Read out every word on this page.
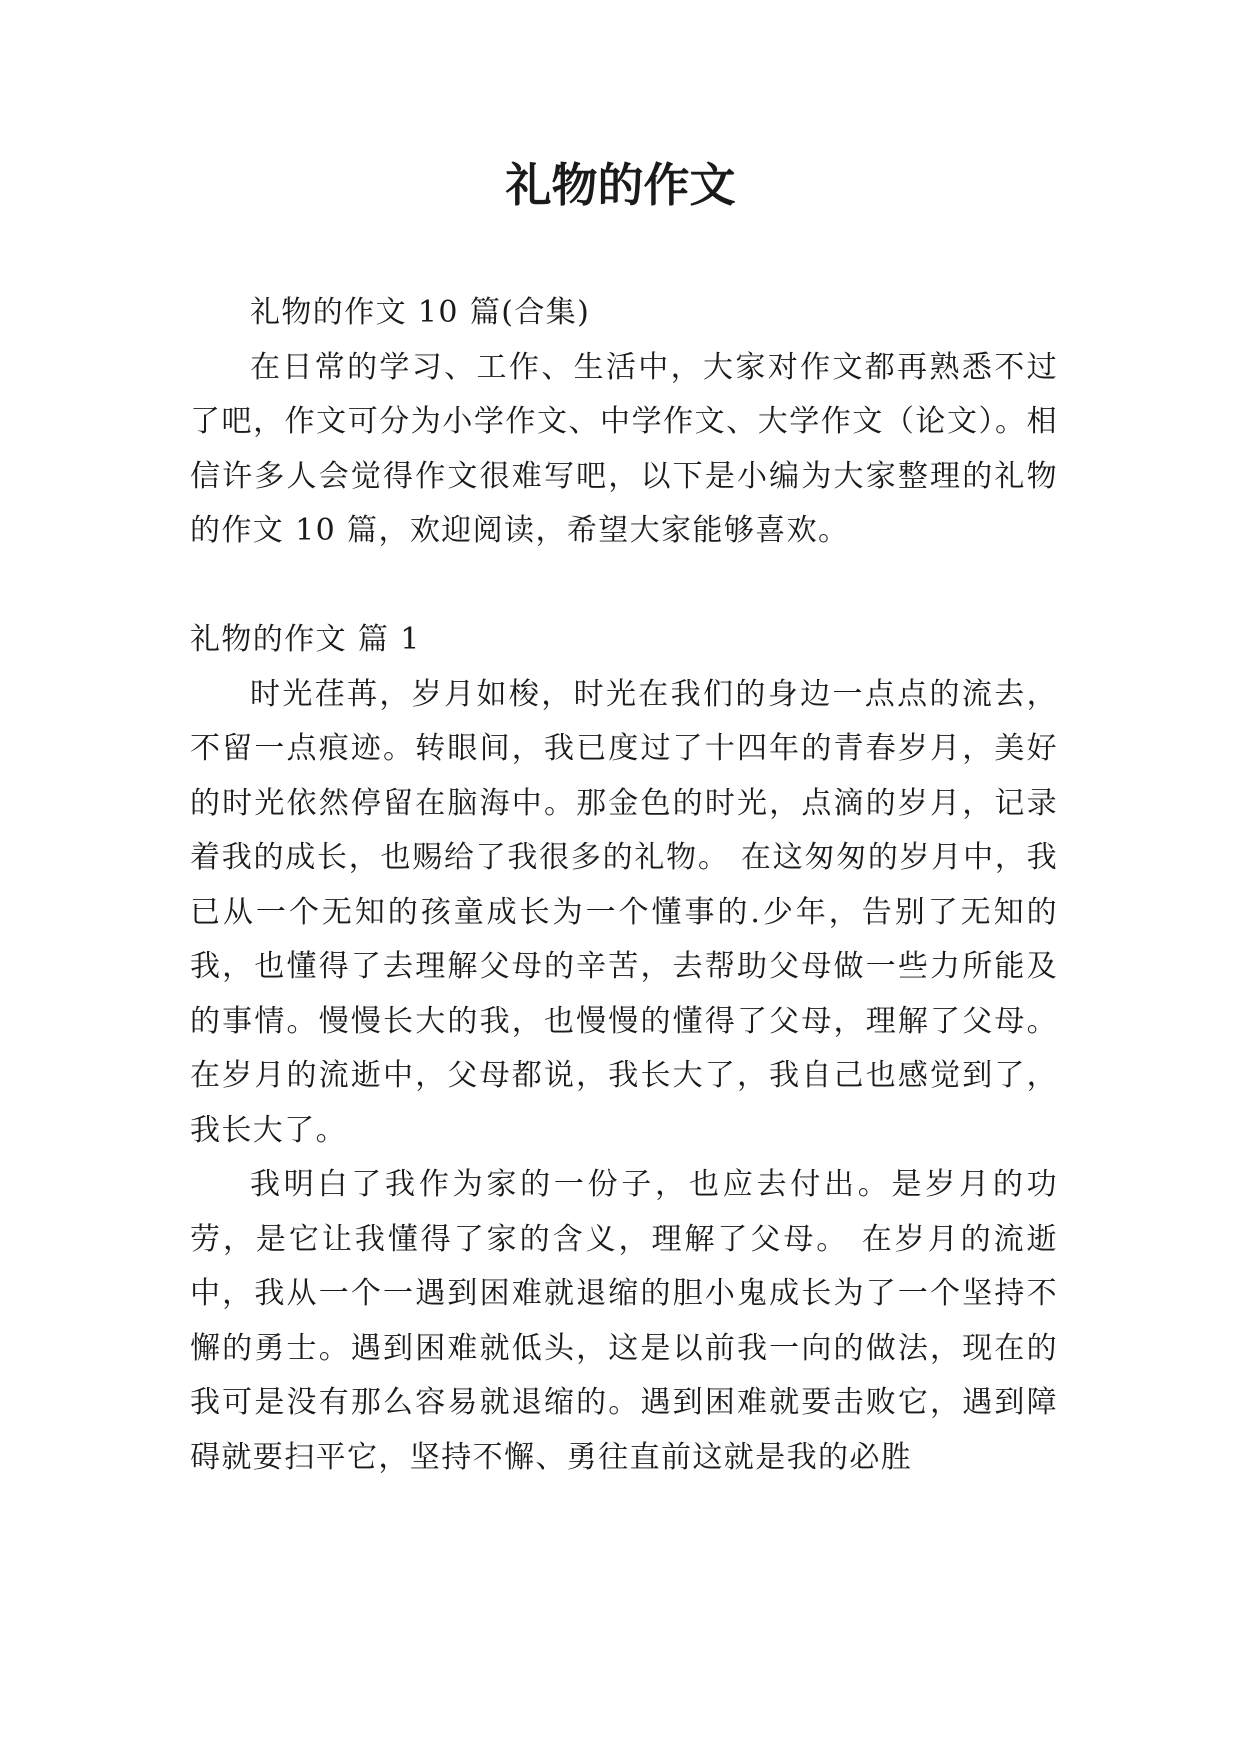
礼物的作文

礼物的作文 10 篇(合集)

在日常的学习、工作、生活中，大家对作文都再熟悉不过了吧，作文可分为小学作文、中学作文、大学作文（论文）。相信许多人会觉得作文很难写吧，以下是小编为大家整理的礼物的作文 10 篇，欢迎阅读，希望大家能够喜欢。

礼物的作文 篇 1

时光荏苒，岁月如梭，时光在我们的身边一点点的流去，不留一点痕迹。转眼间，我已度过了十四年的青春岁月，美好的时光依然停留在脑海中。那金色的时光，点滴的岁月，记录着我的成长，也赐给了我很多的礼物。 在这匆匆的岁月中，我已从一个无知的孩童成长为一个懂事的.少年，告别了无知的我，也懂得了去理解父母的辛苦，去帮助父母做一些力所能及的事情。慢慢长大的我，也慢慢的懂得了父母，理解了父母。在岁月的流逝中，父母都说，我长大了，我自己也感觉到了，我长大了。

我明白了我作为家的一份子，也应去付出。是岁月的功劳，是它让我懂得了家的含义，理解了父母。 在岁月的流逝中，我从一个一遇到困难就退缩的胆小鬼成长为了一个坚持不懈的勇士。遇到困难就低头，这是以前我一向的做法，现在的我可是没有那么容易就退缩的。遇到困难就要击败它，遇到障碍就要扫平它，坚持不懈、勇往直前这就是我的必胜
